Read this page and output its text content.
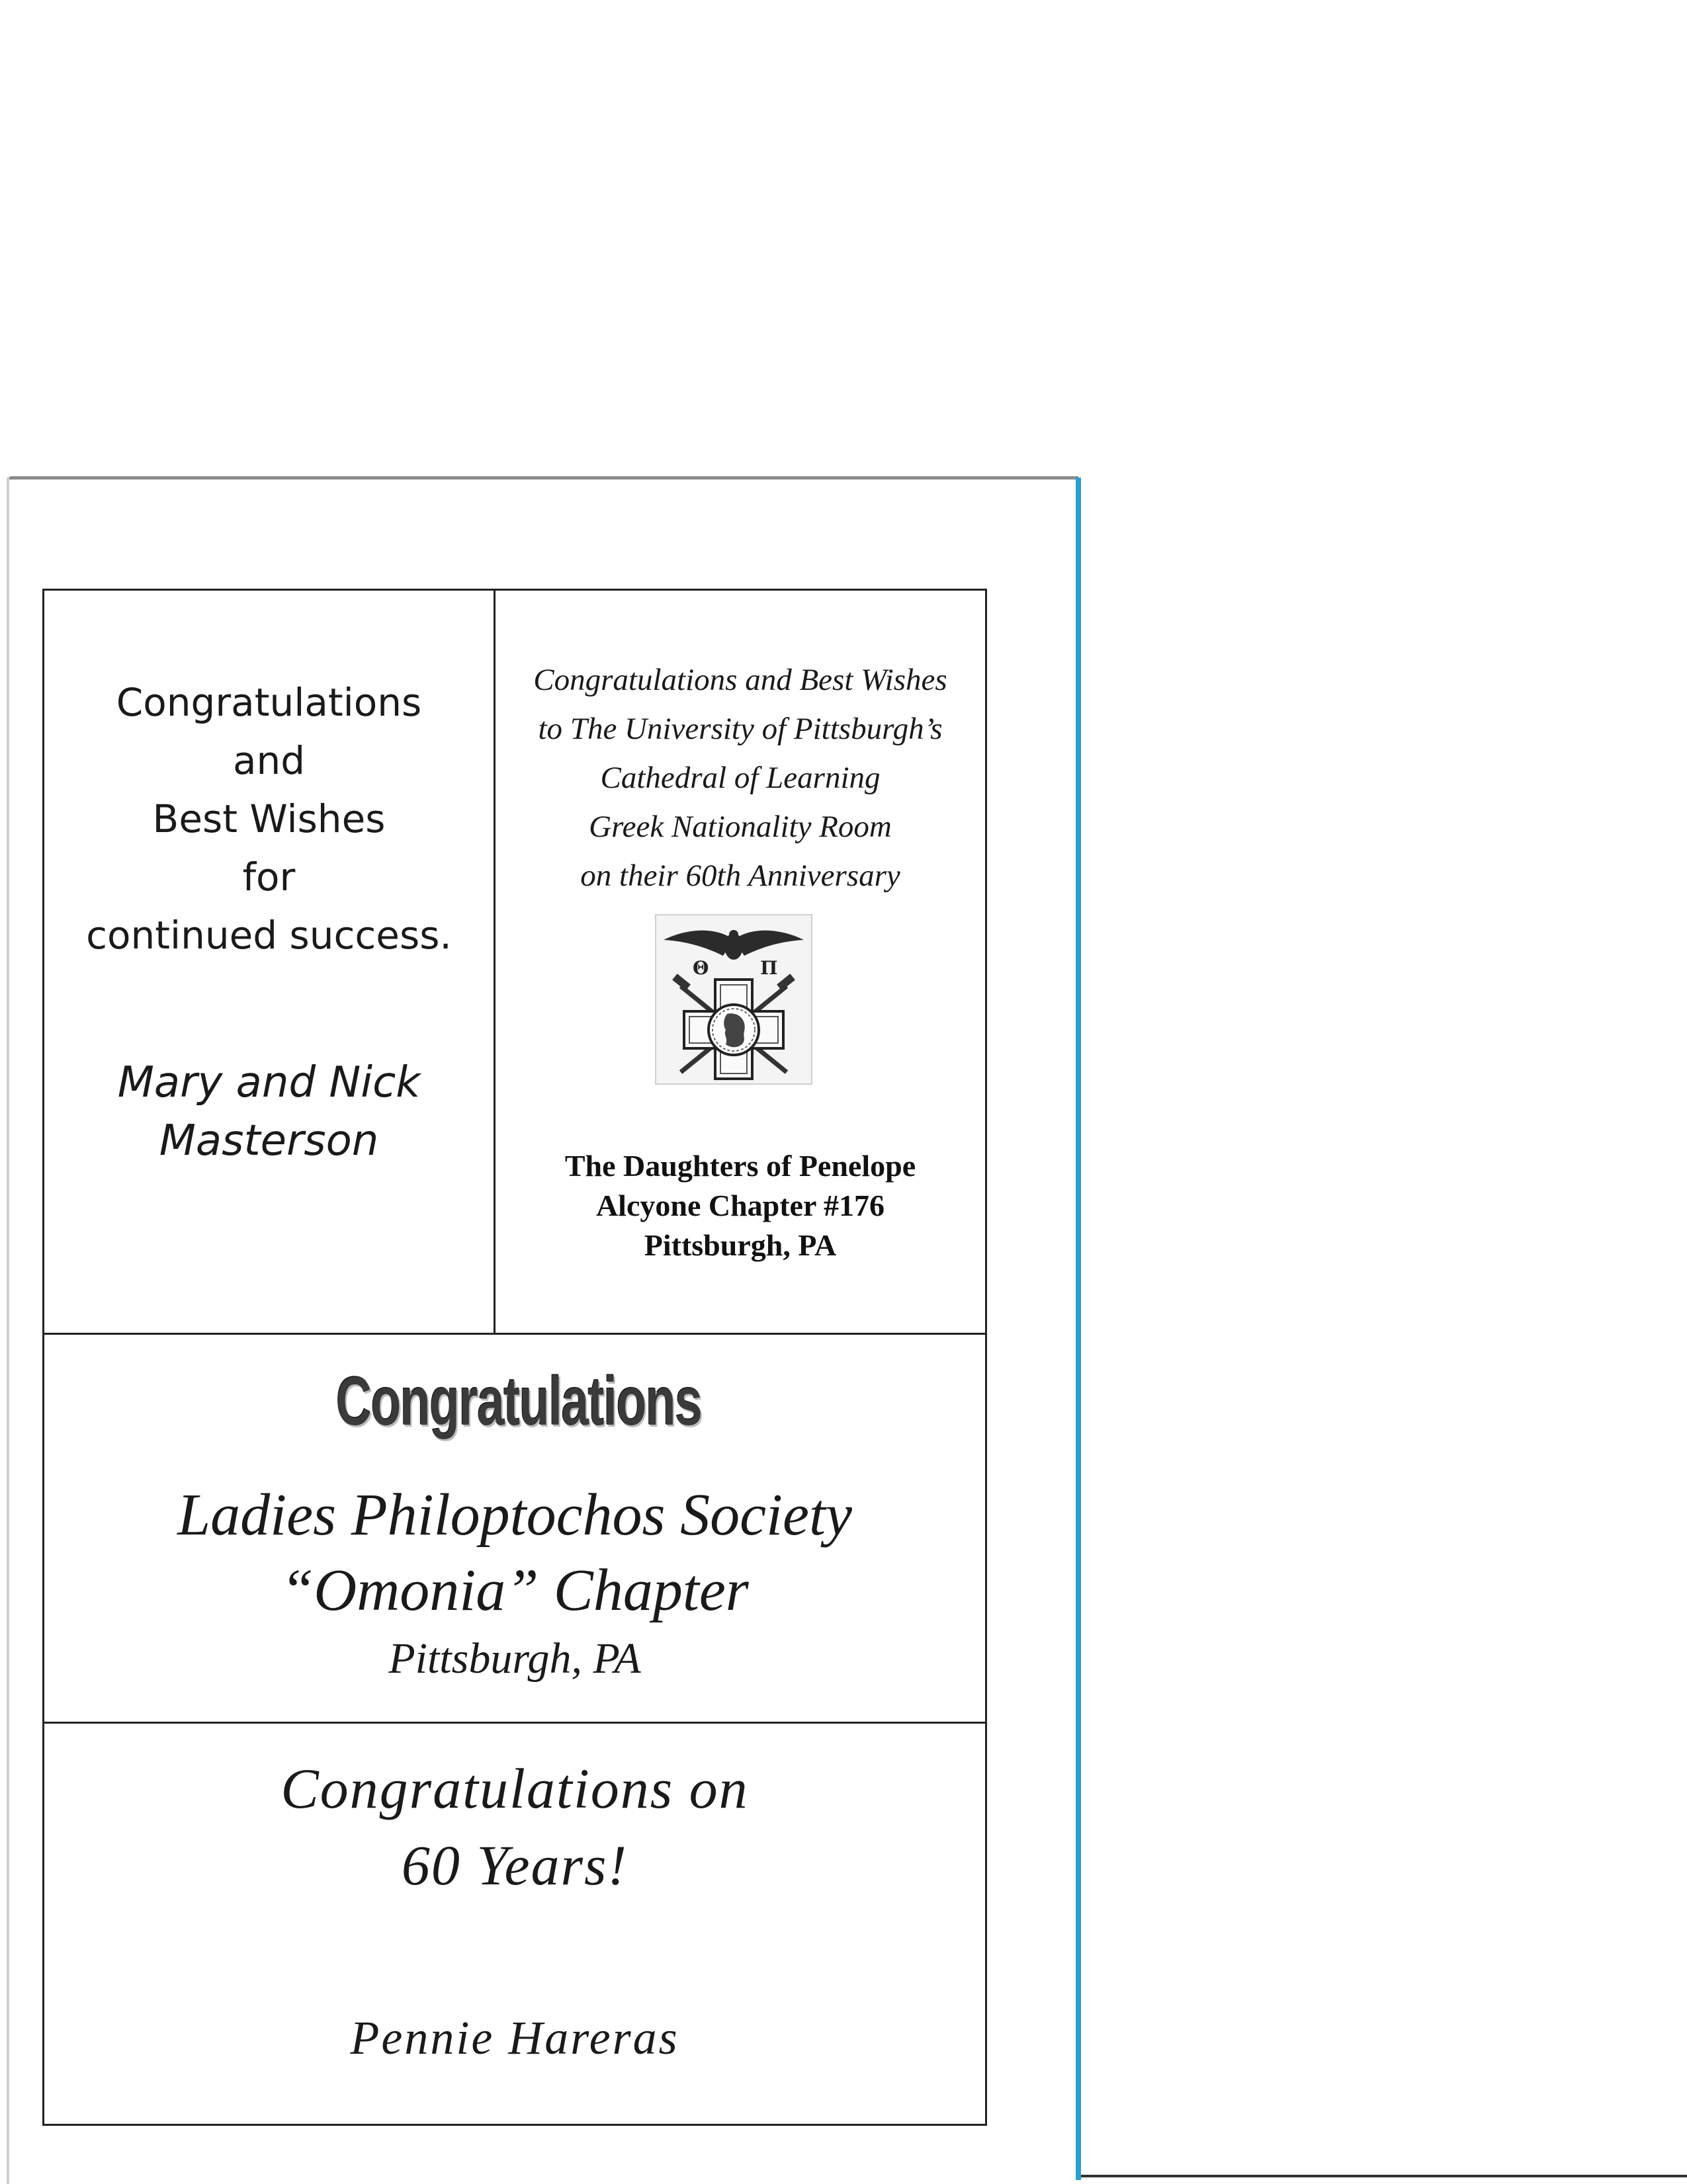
Congratulations
and
Best Wishes
for
continued success.
Mary and Nick
Masterson
Congratulations and Best Wishes
to The University of Pittsburgh’s
Cathedral of Learning
Greek Nationality Room
on their 60th Anniversary
Θ	Π
The Daughters of Penelope
Alcyone Chapter #176
Pittsburgh, PA
Congratulations
Ladies Philoptochos Society
“Omonia” Chapter
Pittsburgh, PA
Congratulations on
60 Years!
Pennie Hareras
